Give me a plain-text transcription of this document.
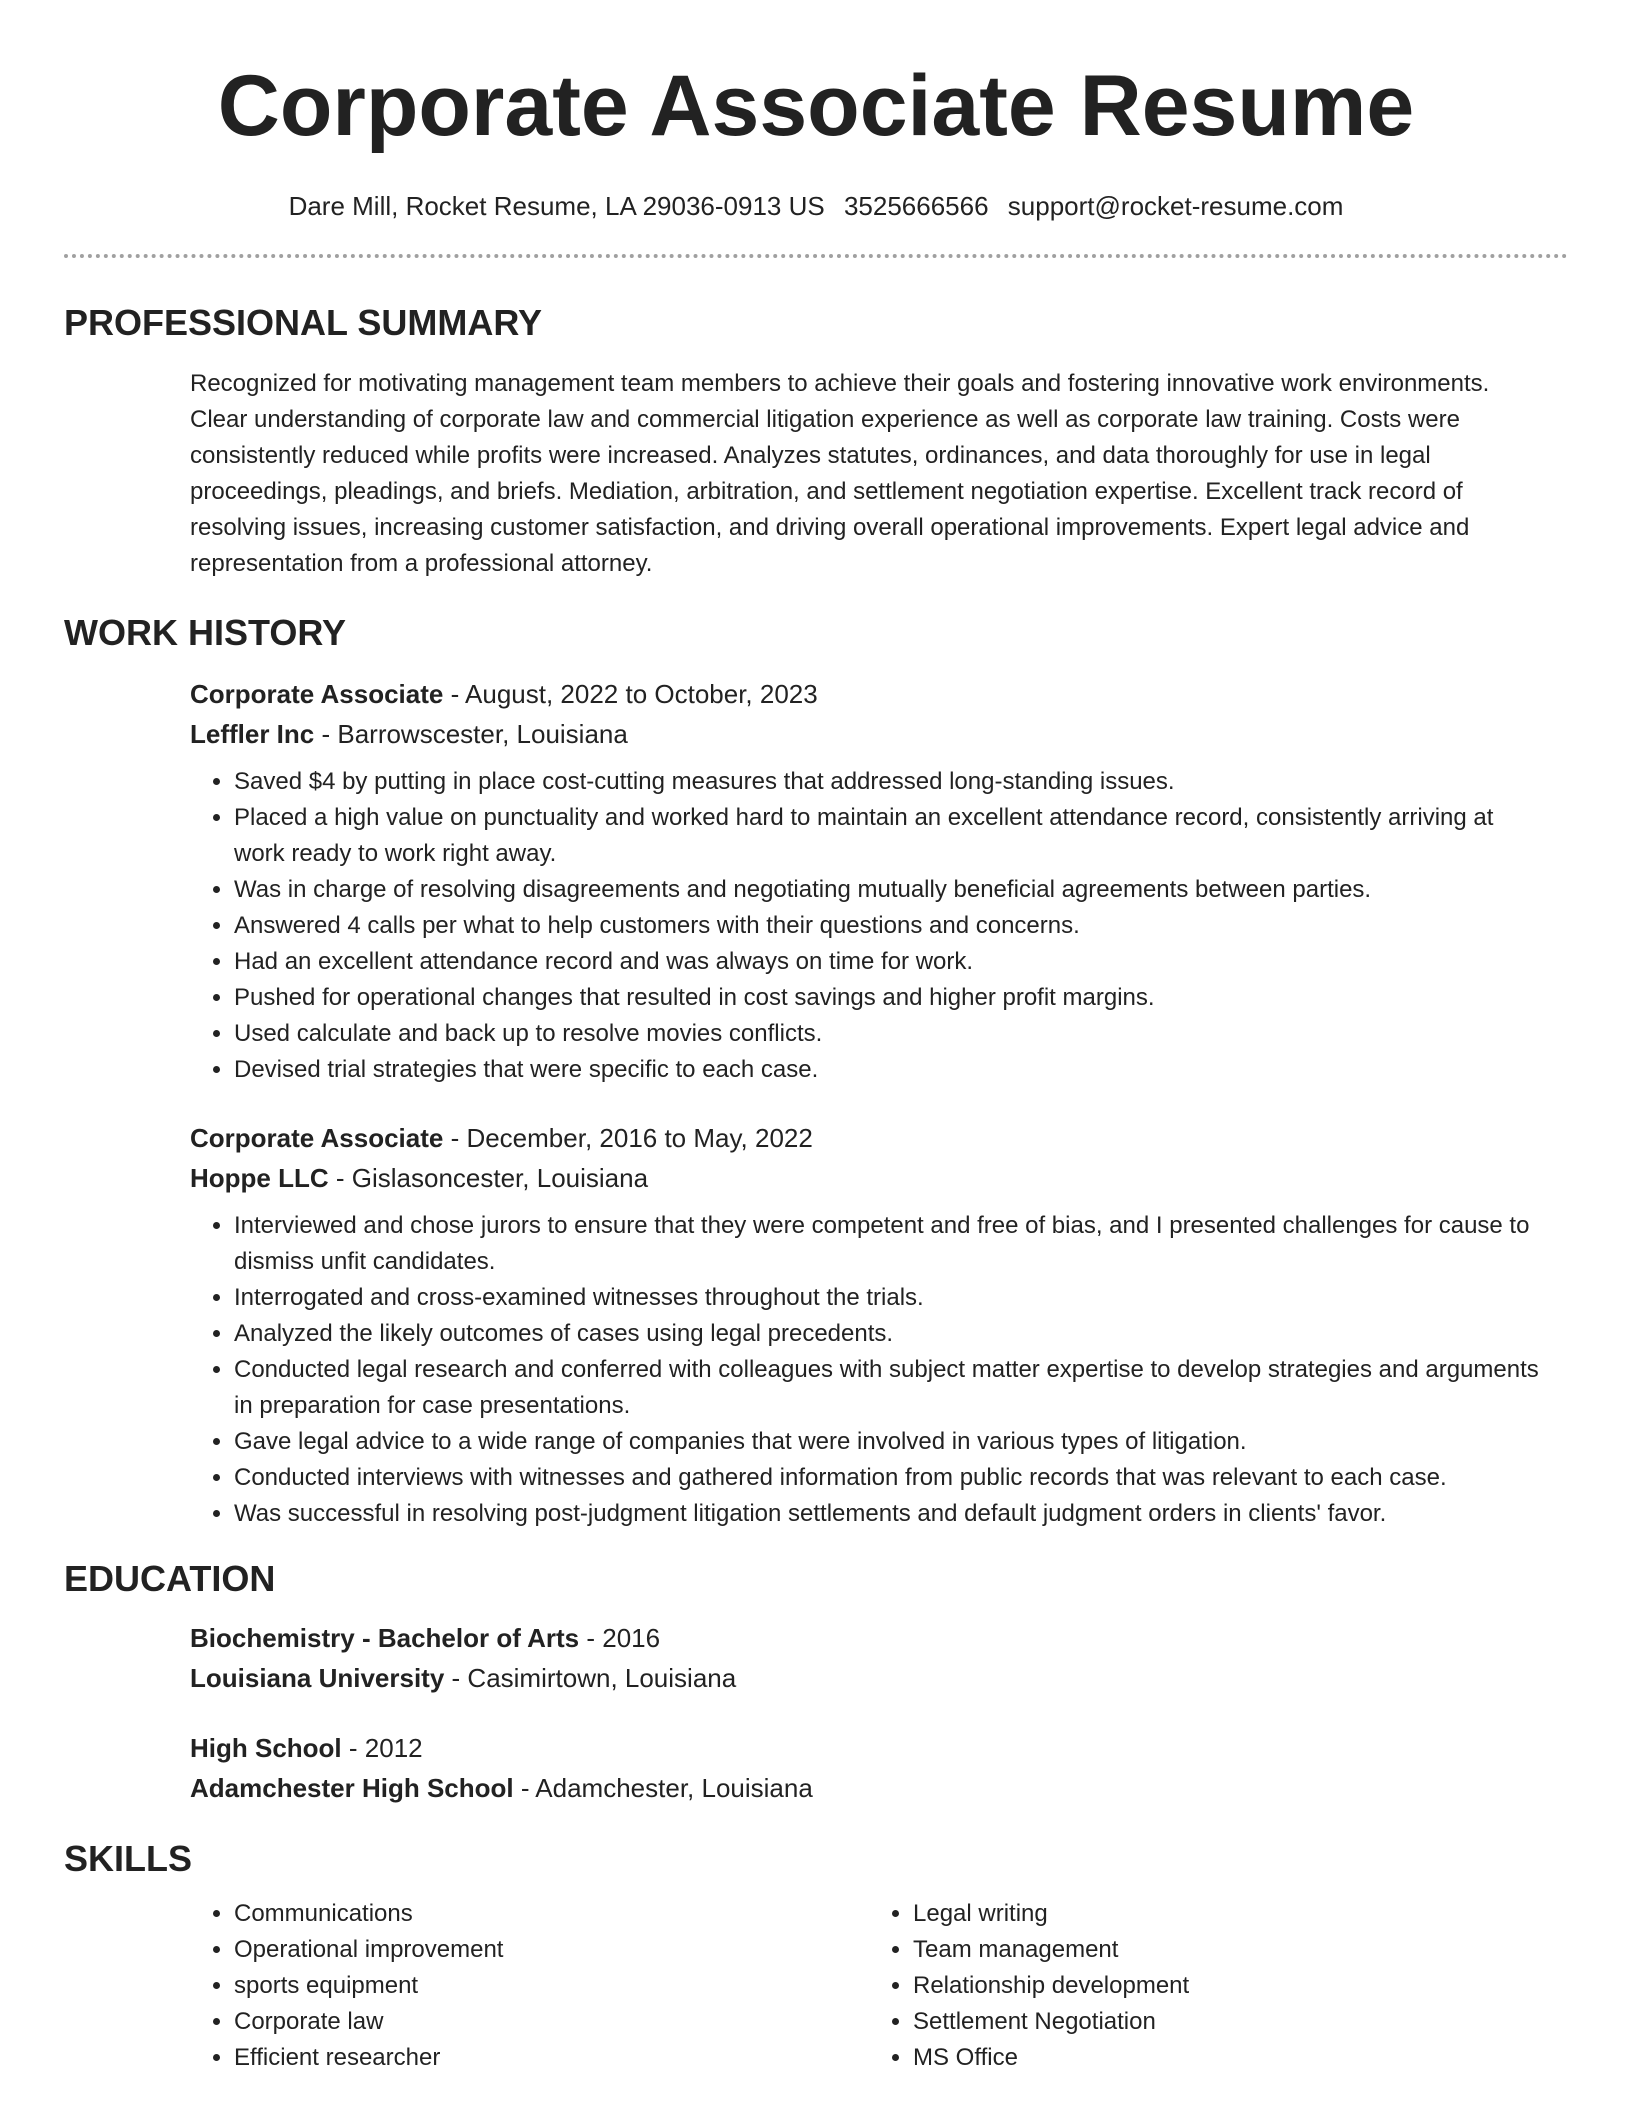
Corporate Associate Resume
Dare Mill, Rocket Resume, LA 29036-0913 US 3525666566 support@rocket-resume.com
PROFESSIONAL SUMMARY

Recognized for motivating management team members to achieve their goals and fostering innovative work environments. Clear understanding of corporate law and commercial litigation experience as well as corporate law training. Costs were consistently reduced while profits were increased. Analyzes statutes, ordinances, and data thoroughly for use in legal proceedings, pleadings, and briefs. Mediation, arbitration, and settlement negotiation expertise. Excellent track record of resolving issues, increasing customer satisfaction, and driving overall operational improvements. Expert legal advice and representation from a professional attorney.

WORK HISTORY

Corporate Associate - August, 2022 to October, 2023

Leffler Inc - Barrowscester, Louisiana

• Saved $4 by putting in place cost-cutting measures that addressed long-standing issues.
• Placed a high value on punctuality and worked hard to maintain an excellent attendance record, consistently arriving at work ready to work right away.
• Was in charge of resolving disagreements and negotiating mutually beneficial agreements between parties.
• Answered 4 calls per what to help customers with their questions and concerns.
• Had an excellent attendance record and was always on time for work.
• Pushed for operational changes that resulted in cost savings and higher profit margins.
• Used calculate and back up to resolve movies conflicts.
• Devised trial strategies that were specific to each case.

Corporate Associate - December, 2016 to May, 2022

Hoppe LLC - Gislasoncester, Louisiana

• Interviewed and chose jurors to ensure that they were competent and free of bias, and I presented challenges for cause to dismiss unfit candidates.
• Interrogated and cross-examined witnesses throughout the trials.
• Analyzed the likely outcomes of cases using legal precedents.
• Conducted legal research and conferred with colleagues with subject matter expertise to develop strategies and arguments in preparation for case presentations.
• Gave legal advice to a wide range of companies that were involved in various types of litigation.
• Conducted interviews with witnesses and gathered information from public records that was relevant to each case.
• Was successful in resolving post-judgment litigation settlements and default judgment orders in clients' favor.
EDUCATION

Biochemistry - Bachelor of Arts - 2016

Louisiana University - Casimirtown, Louisiana

High School - 2012

Adamchester High School - Adamchester, Louisiana

SKILLS
• Communications
• Operational improvement
• sports equipment
• Corporate law
• Efficient researcher
• Legal writing
• Team management
• Relationship development
• Settlement Negotiation
• MS Office
